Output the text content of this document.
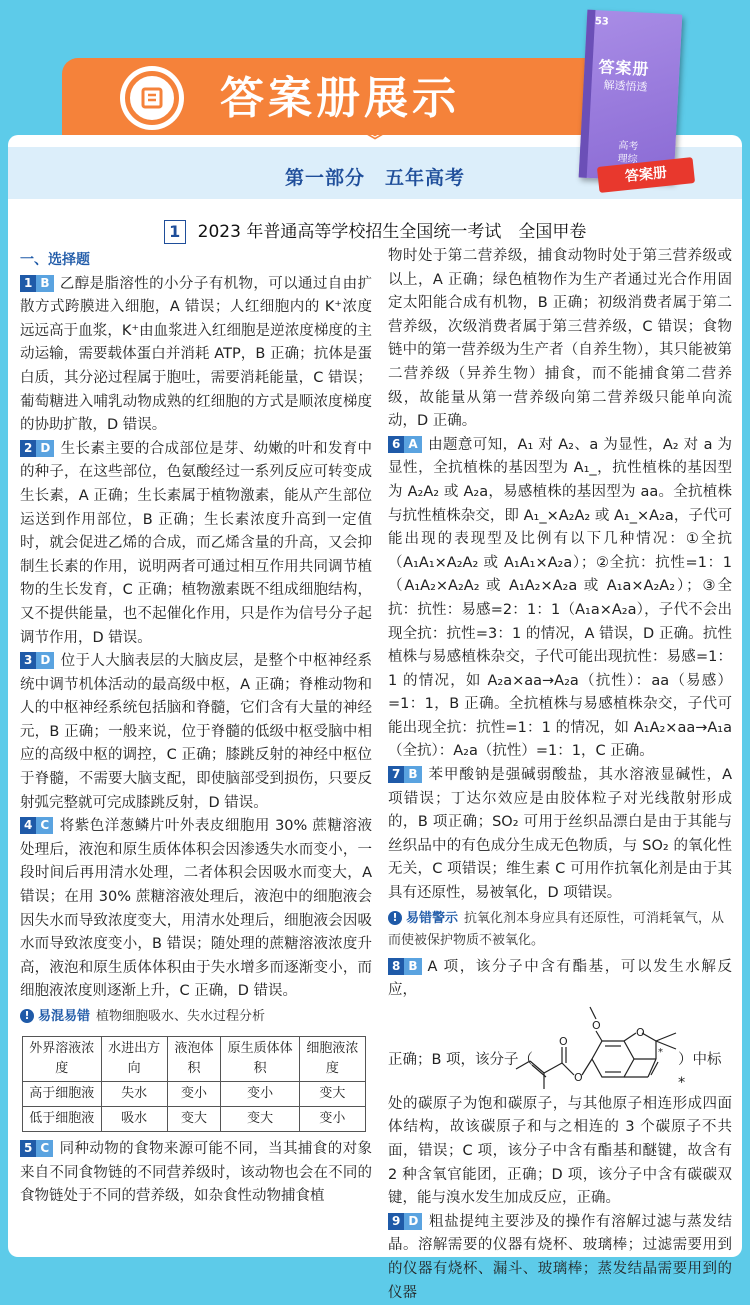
答案册展示
第一部分　五年高考
︾
1 2023 年普通高等学校招生全国统一考试　全国甲卷

一、选择题

1 B 乙醇是脂溶性的小分子有机物，可以通过自由扩散方式跨膜进入细胞，A 错误；人红细胞内的 K⁺浓度远远高于血浆，K⁺由血浆进入红细胞是逆浓度梯度的主动运输，需要载体蛋白并消耗 ATP，B 正确；抗体是蛋白质，其分泌过程属于胞吐，需要消耗能量，C 错误；葡萄糖进入哺乳动物成熟的红细胞的方式是顺浓度梯度的协助扩散，D 错误。

2 D 生长素主要的合成部位是芽、幼嫩的叶和发育中的种子，在这些部位，色氨酸经过一系列反应可转变成生长素，A 正确；生长素属于植物激素，能从产生部位运送到作用部位，B 正确；生长素浓度升高到一定值时，就会促进乙烯的合成，而乙烯含量的升高，又会抑制生长素的作用，说明两者可通过相互作用共同调节植物的生长发育，C 正确；植物激素既不组成细胞结构，又不提供能量，也不起催化作用，只是作为信号分子起调节作用，D 错误。

3 D 位于人大脑表层的大脑皮层，是整个中枢神经系统中调节机体活动的最高级中枢，A 正确；脊椎动物和人的中枢神经系统包括脑和脊髓，它们含有大量的神经元，B 正确；一般来说，位于脊髓的低级中枢受脑中相应的高级中枢的调控，C 正确；膝跳反射的神经中枢位于脊髓，不需要大脑支配，即使脑部受到损伤，只要反射弧完整就可完成膝跳反射，D 错误。

4 C 将紫色洋葱鳞片叶外表皮细胞用 30% 蔗糖溶液处理后，液泡和原生质体体积会因渗透失水而变小，一段时间后再用清水处理，二者体积会因吸水而变大，A 错误；在用 30% 蔗糖溶液处理后，液泡中的细胞液会因失水而导致浓度变大，用清水处理后，细胞液会因吸水而导致浓度变小，B 错误；随处理的蔗糖溶液浓度升高，液泡和原生质体体积由于失水增多而逐渐变小，而细胞液浓度则逐渐上升，C 正确，D 错误。

! 易混易错 植物细胞吸水、失水过程分析
外界溶液浓度	水进出方向	液泡体积	原生质体体积	细胞液浓度
高于细胞液	失水	变小	变小	变大
低于细胞液	吸水	变大	变大	变小

5 C 同种动物的食物来源可能不同，当其捕食的对象来自不同食物链的不同营养级时，该动物也会在不同的食物链处于不同的营养级，如杂食性动物捕食植

物时处于第二营养级，捕食动物时处于第三营养级或以上，A 正确；绿色植物作为生产者通过光合作用固定太阳能合成有机物，B 正确；初级消费者属于第二营养级，次级消费者属于第三营养级，C 错误；食物链中的第一营养级为生产者（自养生物），其只能被第二营养级（异养生物）捕食，而不能捕食第二营养级，故能量从第一营养级向第二营养级只能单向流动，D 正确。

6 A 由题意可知，A₁ 对 A₂、a 为显性，A₂ 对 a 为显性，全抗植株的基因型为 A₁_，抗性植株的基因型为 A₂A₂ 或 A₂a，易感植株的基因型为 aa。全抗植株与抗性植株杂交，即 A₁_×A₂A₂ 或 A₁_×A₂a，子代可能出现的表现型及比例有以下几种情况：①全抗（A₁A₁×A₂A₂ 或 A₁A₁×A₂a）；②全抗：抗性=1：1（A₁A₂×A₂A₂ 或 A₁A₂×A₂a 或 A₁a×A₂A₂）；③全抗：抗性：易感=2：1：1（A₁a×A₂a），子代不会出现全抗：抗性=3：1 的情况，A 错误，D 正确。抗性植株与易感植株杂交，子代可能出现抗性：易感=1：1 的情况，如 A₂a×aa→A₂a（抗性）：aa（易感）=1：1，B 正确。全抗植株与易感植株杂交，子代可能出现全抗：抗性=1：1 的情况，如 A₁A₂×aa→A₁a（全抗）：A₂a（抗性）=1：1，C 正确。

7 B 苯甲酸钠是强碱弱酸盐，其水溶液显碱性，A 项错误；丁达尔效应是由胶体粒子对光线散射形成的，B 项正确；SO₂ 可用于丝织品漂白是由于其能与丝织品中的有色成分生成无色物质，与 SO₂ 的氧化性无关，C 项错误；维生素 C 可用作抗氧化剂是由于其具有还原性，易被氧化，D 项错误。

! 易错警示 抗氧化剂本身应具有还原性，可消耗氧气，从而使被保护物质不被氧化。

8 B A 项，该分子中含有酯基，可以发生水解反应，

正确；B 项，该分子（
O
O
O
O
* ）中标 *

处的碳原子为饱和碳原子，与其他原子相连形成四面体结构，故该碳原子和与之相连的 3 个碳原子不共面，错误；C 项，该分子中含有酯基和醚键，故含有 2 种含氧官能团，正确；D 项，该分子中含有碳碳双键，能与溴水发生加成反应，正确。

9 D 粗盐提纯主要涉及的操作有溶解过滤与蒸发结晶。溶解需要的仪器有烧杯、玻璃棒；过滤需要用到的仪器有烧杯、漏斗、玻璃棒；蒸发结晶需要用到的仪器

53
答案册
解透悟透
高考
理综
答案册
